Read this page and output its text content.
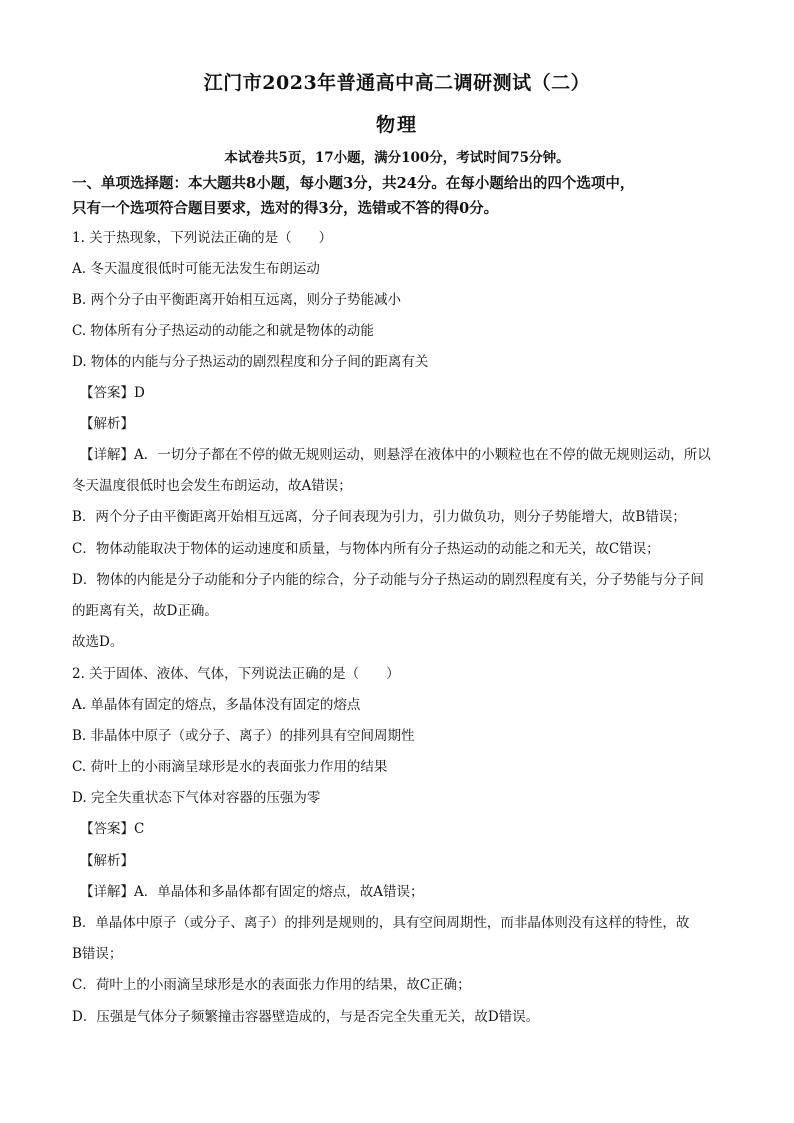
江门市2023年普通高中高二调研测试（二）
物理
本试卷共5页，17小题，满分100分，考试时间75分钟。
一、单项选择题：本大题共8小题，每小题3分，共24分。在每小题给出的四个选项中，
只有一个选项符合题目要求，选对的得3分，选错或不答的得0分。
1. 关于热现象，下列说法正确的是（　　）
A. 冬天温度很低时可能无法发生布朗运动
B. 两个分子由平衡距离开始相互远离，则分子势能减小
C. 物体所有分子热运动的动能之和就是物体的动能
D. 物体的内能与分子热运动的剧烈程度和分子间的距离有关
【答案】D
【解析】
【详解】A．一切分子都在不停的做无规则运动，则悬浮在液体中的小颗粒也在不停的做无规则运动，所以
冬天温度很低时也会发生布朗运动，故A错误；
B．两个分子由平衡距离开始相互远离，分子间表现为引力，引力做负功，则分子势能增大，故B错误；
C．物体动能取决于物体的运动速度和质量，与物体内所有分子热运动的动能之和无关，故C错误；
D．物体的内能是分子动能和分子内能的综合，分子动能与分子热运动的剧烈程度有关，分子势能与分子间
的距离有关，故D正确。
故选D。
2. 关于固体、液体、气体，下列说法正确的是（　　）
A. 单晶体有固定的熔点，多晶体没有固定的熔点
B. 非晶体中原子（或分子、离子）的排列具有空间周期性
C. 荷叶上的小雨滴呈球形是水的表面张力作用的结果
D. 完全失重状态下气体对容器的压强为零
【答案】C
【解析】
【详解】A．单晶体和多晶体都有固定的熔点，故A错误；
B．单晶体中原子（或分子、离子）的排列是规则的，具有空间周期性，而非晶体则没有这样的特性，故
B错误；
C．荷叶上的小雨滴呈球形是水的表面张力作用的结果，故C正确；
D．压强是气体分子频繁撞击容器壁造成的，与是否完全失重无关，故D错误。
